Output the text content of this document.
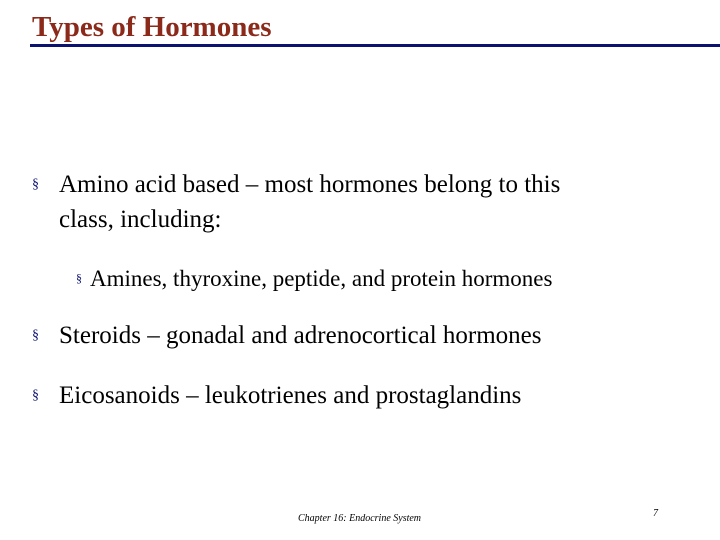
Types of Hormones
§ Amino acid based – most hormones belong to this
class, including:
§ Amines, thyroxine, peptide, and protein hormones
§ Steroids – gonadal and adrenocortical hormones
§ Eicosanoids – leukotrienes and prostaglandins
Chapter 16: Endocrine System	7
